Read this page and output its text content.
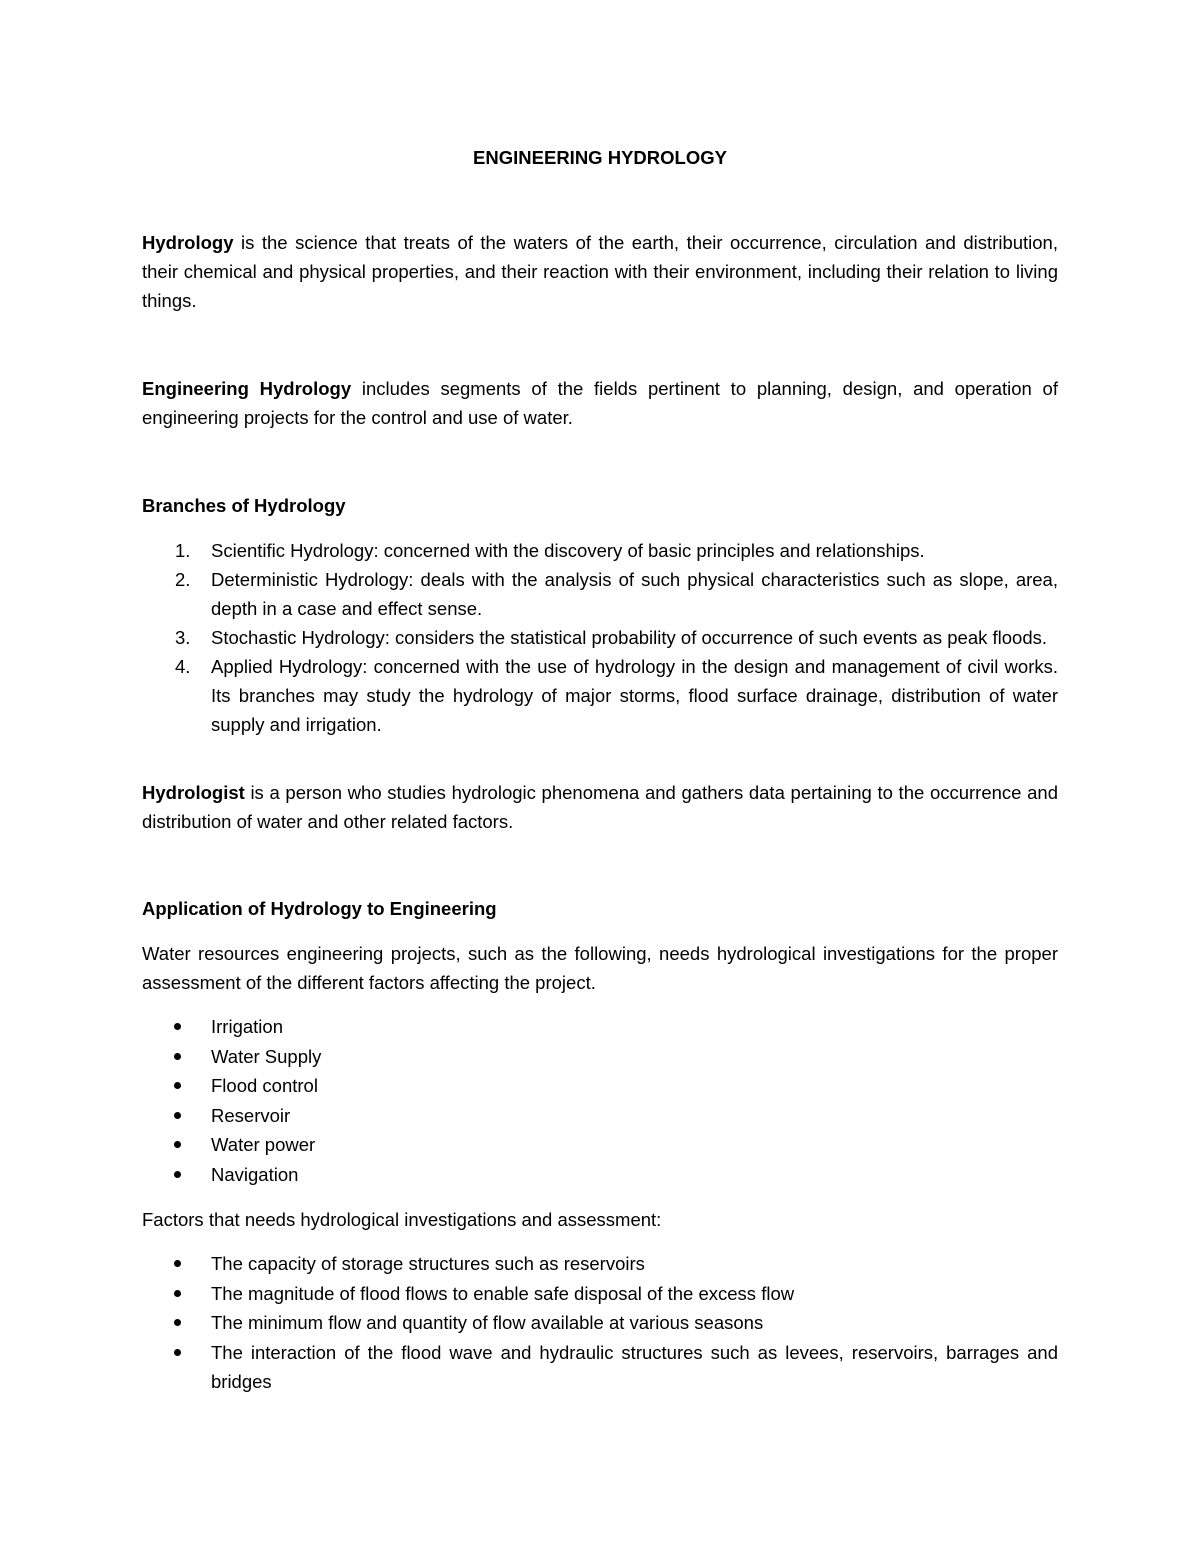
ENGINEERING HYDROLOGY

Hydrology is the science that treats of the waters of the earth, their occurrence, circulation and distribution, their chemical and physical properties, and their reaction with their environment, including their relation to living things.

Engineering Hydrology includes segments of the fields pertinent to planning, design, and operation of engineering projects for the control and use of water.

Branches of Hydrology
1. Scientific Hydrology: concerned with the discovery of basic principles and relationships.
2. Deterministic Hydrology: deals with the analysis of such physical characteristics such as slope, area, depth in a case and effect sense.
3. Stochastic Hydrology: considers the statistical probability of occurrence of such events as peak floods.
4. Applied Hydrology: concerned with the use of hydrology in the design and management of civil works. Its branches may study the hydrology of major storms, flood surface drainage, distribution of water supply and irrigation.

Hydrologist is a person who studies hydrologic phenomena and gathers data pertaining to the occurrence and distribution of water and other related factors.

Application of Hydrology to Engineering

Water resources engineering projects, such as the following, needs hydrological investigations for the proper assessment of the different factors affecting the project.

Irrigation
Water Supply
Flood control
Reservoir
Water power
Navigation

Factors that needs hydrological investigations and assessment:

The capacity of storage structures such as reservoirs
The magnitude of flood flows to enable safe disposal of the excess flow
The minimum flow and quantity of flow available at various seasons
The interaction of the flood wave and hydraulic structures such as levees, reservoirs, barrages and bridges
